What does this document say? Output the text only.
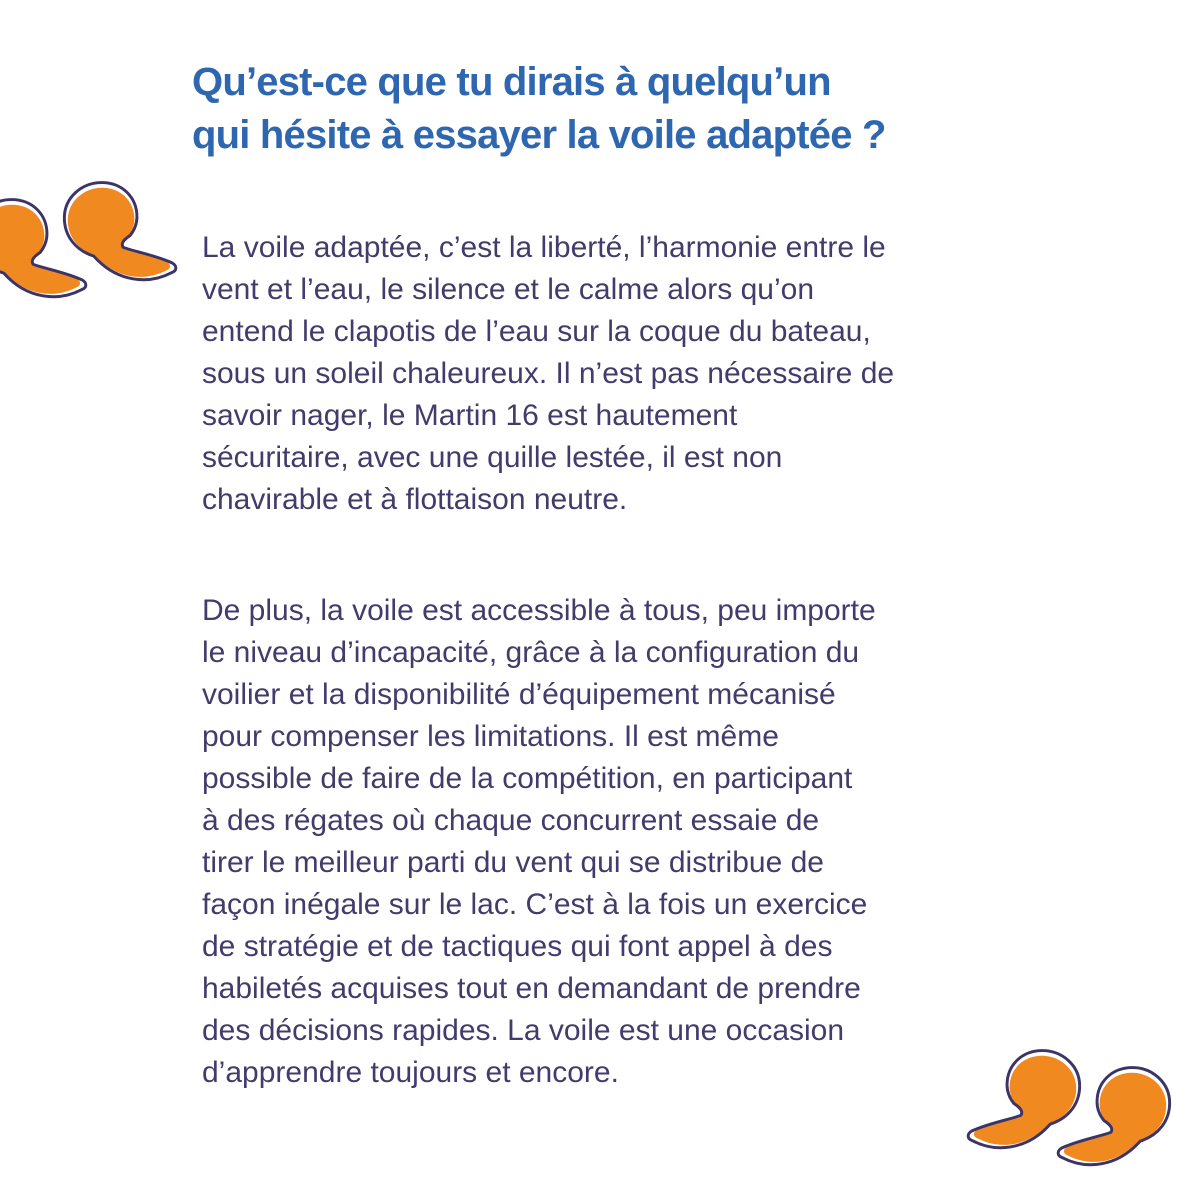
Qu’est-ce que tu dirais à quelqu’un
qui hésite à essayer la voile adaptée ?
La voile adaptée, c’est la liberté, l’harmonie entre le
vent et l’eau, le silence et le calme alors qu’on
entend le clapotis de l’eau sur la coque du bateau,
sous un soleil chaleureux. Il n’est pas nécessaire de
savoir nager, le Martin 16 est hautement
sécuritaire, avec une quille lestée, il est non
chavirable et à flottaison neutre.
De plus, la voile est accessible à tous, peu importe
le niveau d’incapacité, grâce à la configuration du
voilier et la disponibilité d’équipement mécanisé
pour compenser les limitations. Il est même
possible de faire de la compétition, en participant
à des régates où chaque concurrent essaie de
tirer le meilleur parti du vent qui se distribue de
façon inégale sur le lac. C’est à la fois un exercice
de stratégie et de tactiques qui font appel à des
habiletés acquises tout en demandant de prendre
des décisions rapides. La voile est une occasion
d’apprendre toujours et encore.
